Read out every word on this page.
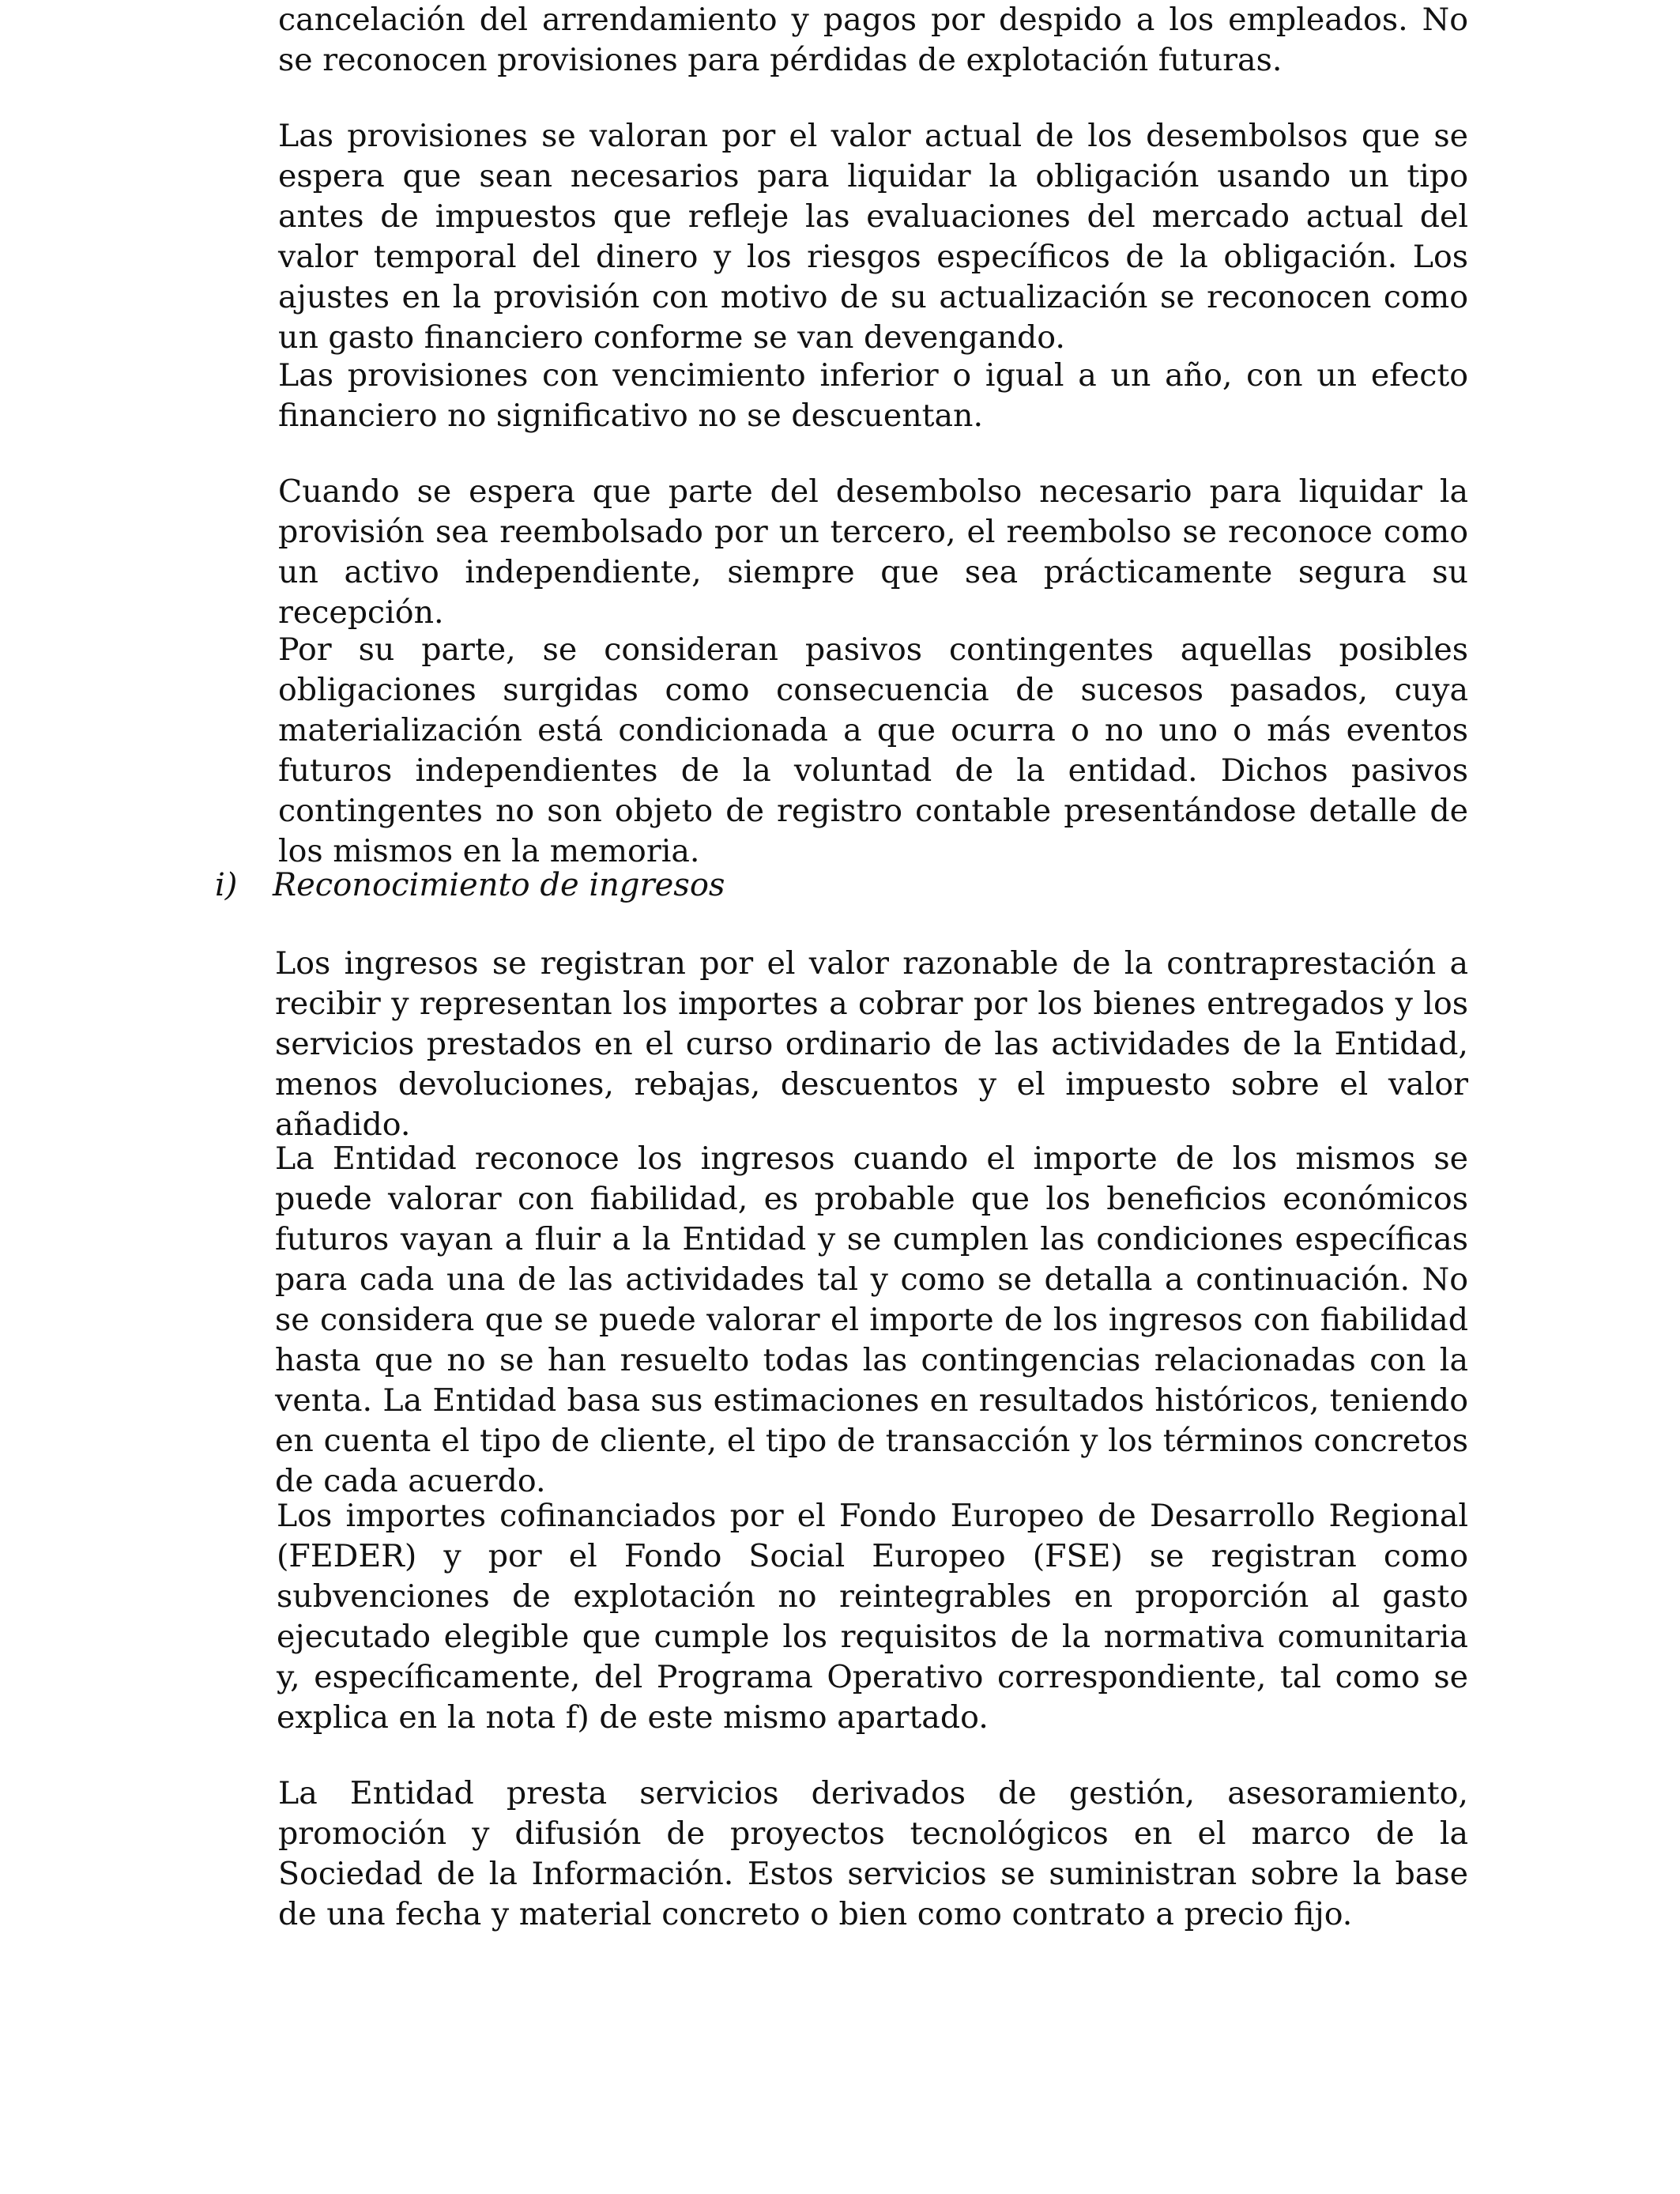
cancelación del arrendamiento y pagos por despido a los empleados. No se reconocen provisiones para pérdidas de explotación futuras.

Las provisiones se valoran por el valor actual de los desembolsos que se espera que sean necesarios para liquidar la obligación usando un tipo antes de impuestos que refleje las evaluaciones del mercado actual del valor temporal del dinero y los riesgos específicos de la obligación. Los ajustes en la provisión con motivo de su actualización se reconocen como un gasto financiero conforme se van devengando.

Las provisiones con vencimiento inferior o igual a un año, con un efecto financiero no significativo no se descuentan.

Cuando se espera que parte del desembolso necesario para liquidar la provisión sea reembolsado por un tercero, el reembolso se reconoce como un activo independiente, siempre que sea prácticamente segura su recepción.

Por su parte, se consideran pasivos contingentes aquellas posibles obligaciones surgidas como consecuencia de sucesos pasados, cuya materialización está condicionada a que ocurra o no uno o más eventos futuros independientes de la voluntad de la entidad. Dichos pasivos contingentes no son objeto de registro contable presentándose detalle de los mismos en la memoria.

i) Reconocimiento de ingresos

Los ingresos se registran por el valor razonable de la contraprestación a recibir y representan los importes a cobrar por los bienes entregados y los servicios prestados en el curso ordinario de las actividades de la Entidad, menos devoluciones, rebajas, descuentos y el impuesto sobre el valor añadido.

La Entidad reconoce los ingresos cuando el importe de los mismos se puede valorar con fiabilidad, es probable que los beneficios económicos futuros vayan a fluir a la Entidad y se cumplen las condiciones específicas para cada una de las actividades tal y como se detalla a continuación. No se considera que se puede valorar el importe de los ingresos con fiabilidad hasta que no se han resuelto todas las contingencias relacionadas con la venta. La Entidad basa sus estimaciones en resultados históricos, teniendo en cuenta el tipo de cliente, el tipo de transacción y los términos concretos de cada acuerdo.

Los importes cofinanciados por el Fondo Europeo de Desarrollo Regional (FEDER) y por el Fondo Social Europeo (FSE) se registran como subvenciones de explotación no reintegrables en proporción al gasto ejecutado elegible que cumple los requisitos de la normativa comunitaria y, específicamente, del Programa Operativo correspondiente, tal como se explica en la nota f) de este mismo apartado.

La Entidad presta servicios derivados de gestión, asesoramiento, promoción y difusión de proyectos tecnológicos en el marco de la Sociedad de la Información. Estos servicios se suministran sobre la base de una fecha y material concreto o bien como contrato a precio fijo.
